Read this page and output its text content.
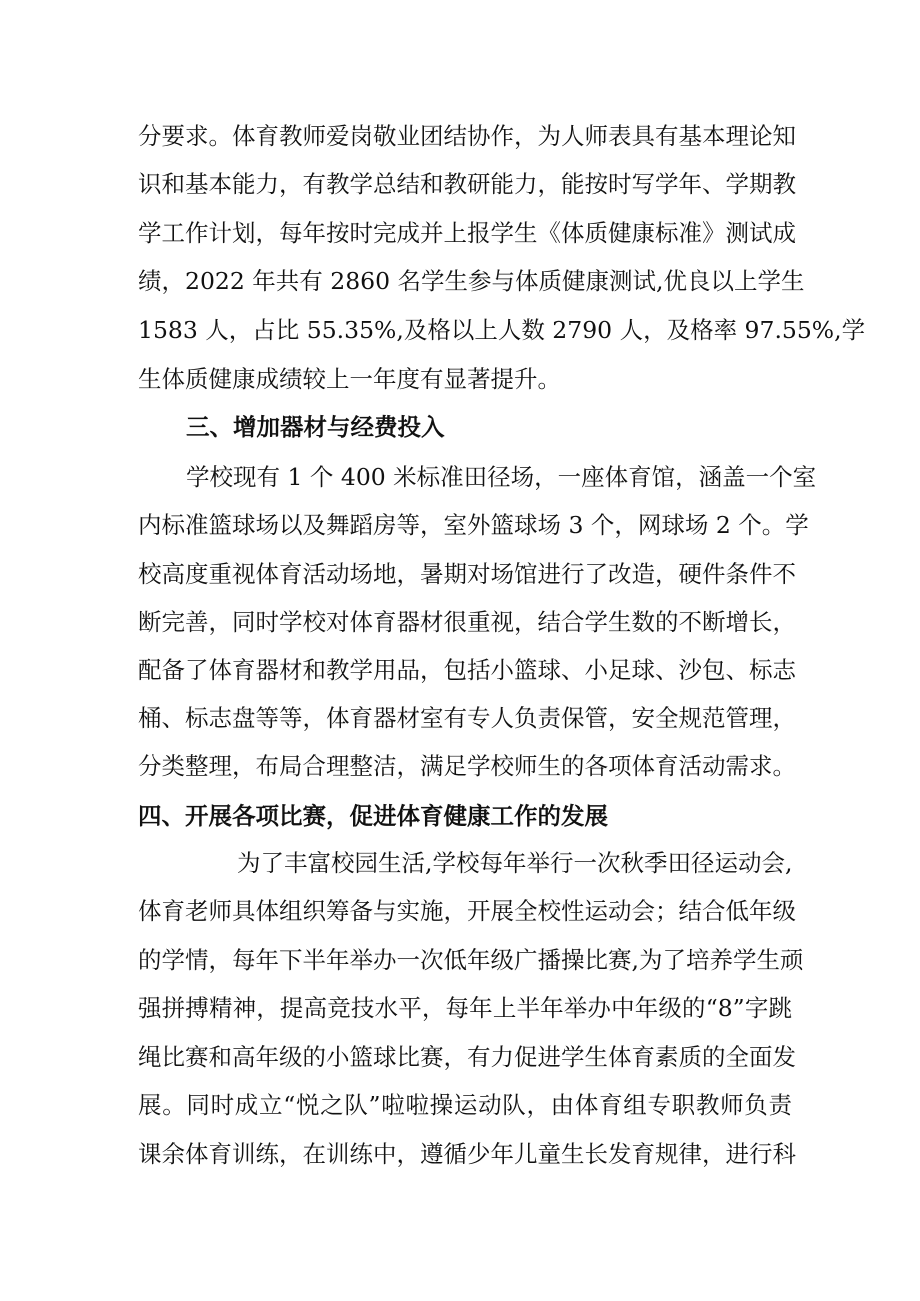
分要求。体育教师爱岗敬业团结协作，为人师表具有基本理论知
识和基本能力，有教学总结和教研能力，能按时写学年、学期教
学工作计划，每年按时完成并上报学生《体质健康标准》测试成
绩，2022 年共有 2860 名学生参与体质健康测试,优良以上学生
1583 人，占比 55.35%,及格以上人数 2790 人，及格率 97.55%,学
生体质健康成绩较上一年度有显著提升。
三、增加器材与经费投入
学校现有 1 个 400 米标准田径场，一座体育馆，涵盖一个室
内标准篮球场以及舞蹈房等，室外篮球场 3 个，网球场 2 个。学
校高度重视体育活动场地，暑期对场馆进行了改造，硬件条件不
断完善，同时学校对体育器材很重视，结合学生数的不断增长，
配备了体育器材和教学用品，包括小篮球、小足球、沙包、标志
桶、标志盘等等，体育器材室有专人负责保管，安全规范管理，
分类整理，布局合理整洁，满足学校师生的各项体育活动需求。
四、开展各项比赛，促进体育健康工作的发展
为了丰富校园生活,学校每年举行一次秋季田径运动会,
体育老师具体组织筹备与实施，开展全校性运动会；结合低年级
的学情，每年下半年举办一次低年级广播操比赛,为了培养学生顽
强拼搏精神，提高竞技水平，每年上半年举办中年级的“8”字跳
绳比赛和高年级的小篮球比赛，有力促进学生体育素质的全面发
展。同时成立“悦之队”啦啦操运动队，由体育组专职教师负责
课余体育训练，在训练中，遵循少年儿童生长发育规律，进行科
